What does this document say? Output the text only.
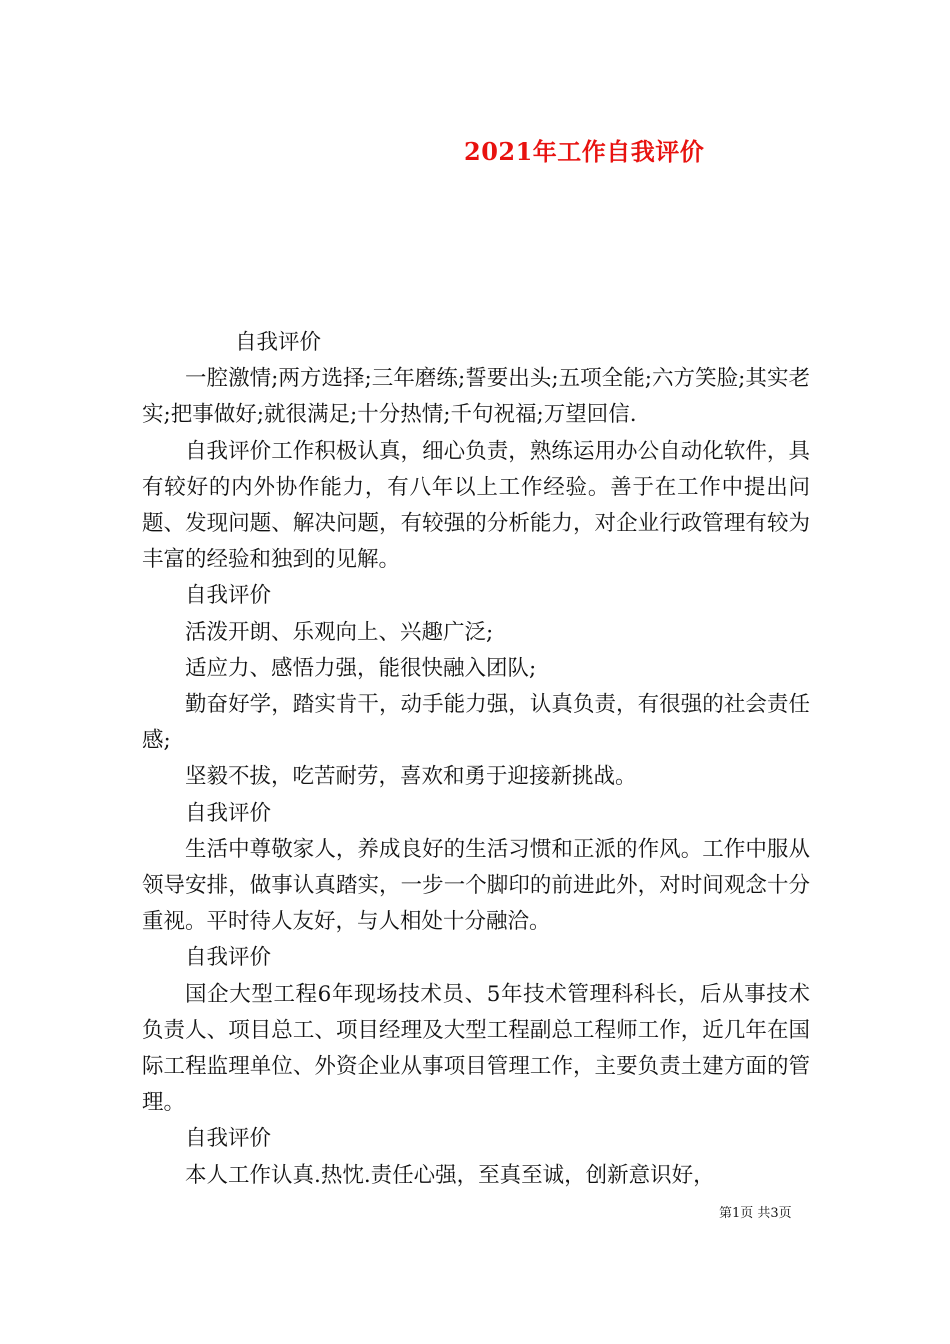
2021年工作自我评价

自我评价

一腔激情;两方选择;三年磨练;誓要出头;五项全能;六方笑脸;其实老实;把事做好;就很满足;十分热情;千句祝福;万望回信.

自我评价工作积极认真，细心负责，熟练运用办公自动化软件，具有较好的内外协作能力，有八年以上工作经验。善于在工作中提出问题、发现问题、解决问题，有较强的分析能力，对企业行政管理有较为丰富的经验和独到的见解。

自我评价

活泼开朗、乐观向上、兴趣广泛;

适应力、感悟力强，能很快融入团队;

勤奋好学，踏实肯干，动手能力强，认真负责，有很强的社会责任感;

坚毅不拔，吃苦耐劳，喜欢和勇于迎接新挑战。

自我评价

生活中尊敬家人，养成良好的生活习惯和正派的作风。工作中服从领导安排，做事认真踏实，一步一个脚印的前进此外，对时间观念十分重视。平时待人友好，与人相处十分融洽。

自我评价

国企大型工程6年现场技术员、5年技术管理科科长，后从事技术负责人、项目总工、项目经理及大型工程副总工程师工作，近几年在国际工程监理单位、外资企业从事项目管理工作，主要负责土建方面的管理。

自我评价

本人工作认真.热忱.责任心强，至真至诚，创新意识好，

第1页 共3页
